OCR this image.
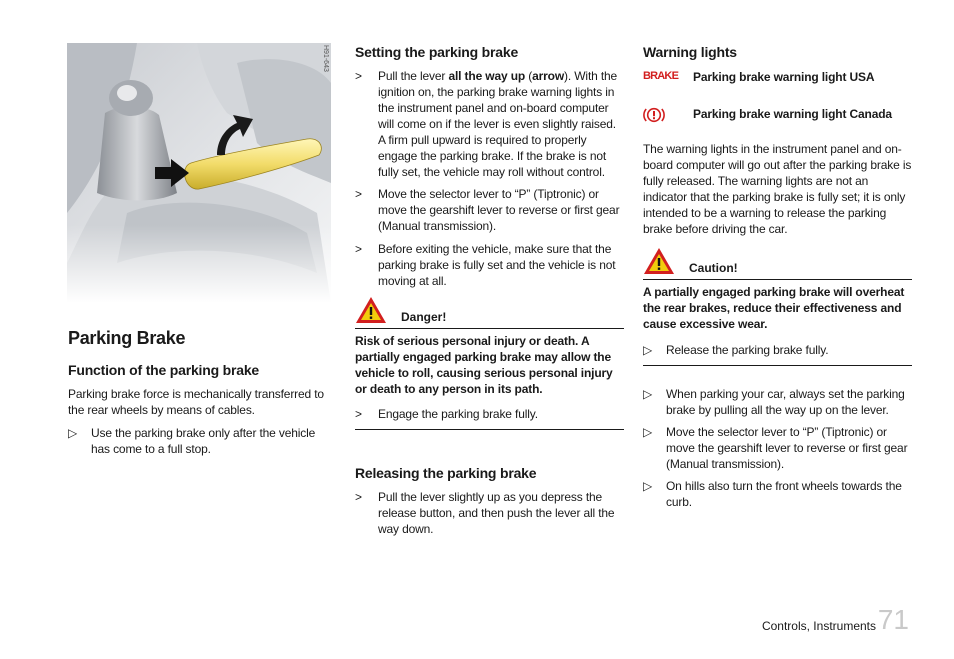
H91-643
Parking Brake
Function of the parking brake
Parking brake force is mechanically transferred to the rear wheels by means of cables.
▷	Use the parking brake only after the vehicle has come to a full stop.
Setting the parking brake
>	Pull the lever all the way up (arrow). With the ignition on, the parking brake warning lights in the instrument panel and on-board computer will come on if the lever is even slightly raised. A firm pull upward is required to properly engage the parking brake. If the brake is not fully set, the vehicle may roll without control.
>	Move the selector lever to “P” (Tiptronic) or move the gearshift lever to reverse or first gear (Manual transmission).
>	Before exiting the vehicle, make sure that the parking brake is fully set and the vehicle is not moving at all.
Danger!
Risk of serious personal injury or death. A partially engaged parking brake may allow the vehicle to roll, causing serious personal injury or death to any person in its path.
>	Engage the parking brake fully.
Releasing the parking brake
>	Pull the lever slightly up as you depress the release button, and then push the lever all the way down.
Warning lights
BRAKE Parking brake warning light USA
Parking brake warning light Canada
The warning lights in the instrument panel and on-board computer will go out after the parking brake is fully released. The warning lights are not an indicator that the parking brake is fully set; it is only intended to be a warning to release the parking brake before driving the car.
Caution!
A partially engaged parking brake will overheat the rear brakes, reduce their effectiveness and cause excessive wear.
▷	Release the parking brake fully.
▷	When parking your car, always set the parking brake by pulling all the way up on the lever.
▷	Move the selector lever to “P” (Tiptronic) or move the gearshift lever to reverse or first gear (Manual transmission).
▷	On hills also turn the front wheels towards the curb.
Controls, Instruments 71
